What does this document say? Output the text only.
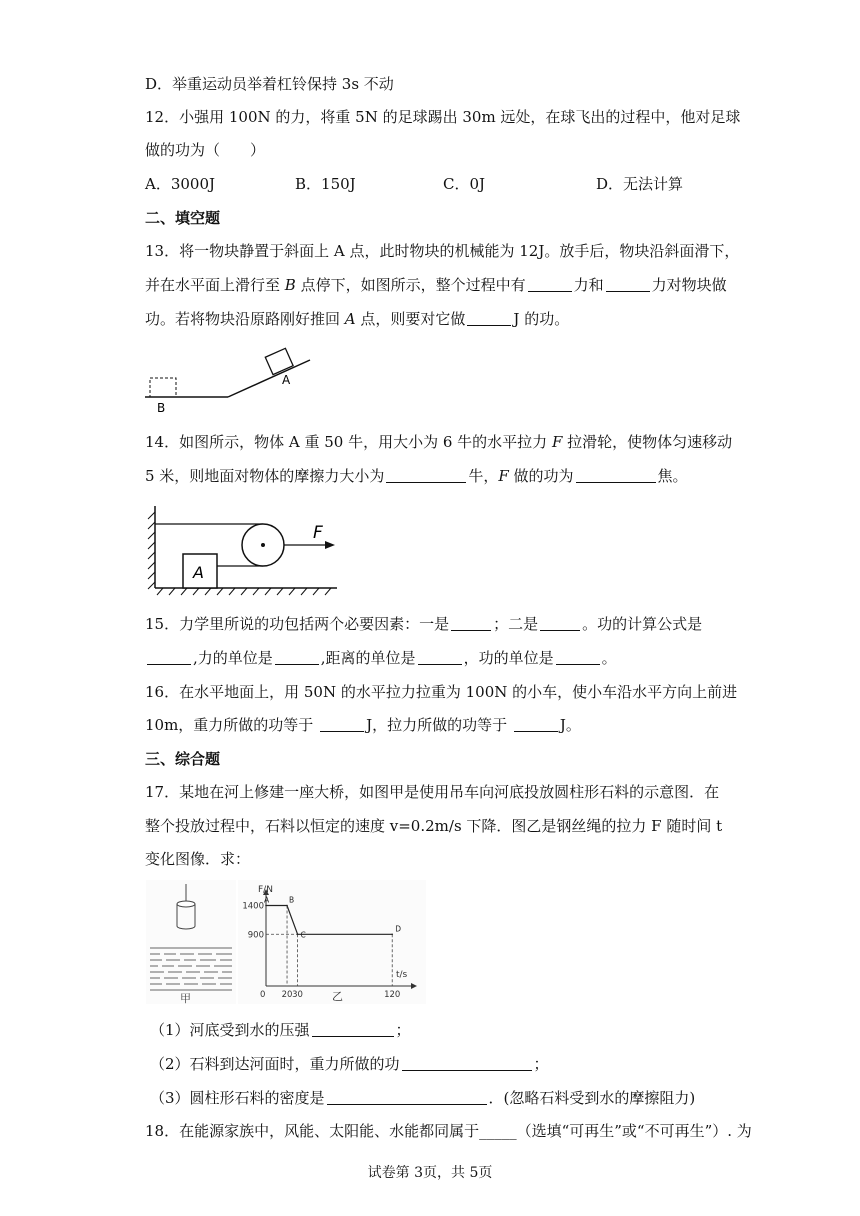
D．举重运动员举着杠铃保持 3s 不动
12．小强用 100N 的力，将重 5N 的足球踢出 30m 远处，在球飞出的过程中，他对足球
做的功为（　　）
A．3000J	B．150J	C．0J	D．无法计算
二、填空题
13．将一物块静置于斜面上 A 点，此时物块的机械能为 12J。放手后，物块沿斜面滑下，
并在水平面上滑行至 B 点停下，如图所示，整个过程中有	力和	力对物块做
功。若将物块沿原路刚好推回 A 点，则要对它做	J 的功。
A
B
14．如图所示，物体 A 重 50 牛，用大小为 6 牛的水平拉力 F 拉滑轮，使物体匀速移动
5 米，则地面对物体的摩擦力大小为	牛，F 做的功为	焦。
A
F
15．力学里所说的功包括两个必要因素：一是	；二是	。功的计算公式是
,力的单位是	,距离的单位是	，功的单位是	。
16．在水平地面上，用 50N 的水平拉力拉重为 100N 的小车，使小车沿水平方向上前进
10m，重力所做的功等于	J，拉力所做的功等于	J。
三、综合题
17．某地在河上修建一座大桥，如图甲是使用吊车向河底投放圆柱形石料的示意图．在
整个投放过程中，石料以恒定的速度 v=0.2m/s 下降．图乙是钢丝绳的拉力 F 随时间 t
变化图像．求：
甲
900
1400
0 20 30	120
A	B
C
D
F/N
t/s
乙
（1）河底受到水的压强	；
（2）石料到达河面时，重力所做的功	；
（3）圆柱形石料的密度是	．(忽略石料受到水的摩擦阻力)
18．在能源家族中，风能、太阳能、水能都同属于_____（选填“可再生”或“不可再生”）. 为
试卷第 3页，共 5页
